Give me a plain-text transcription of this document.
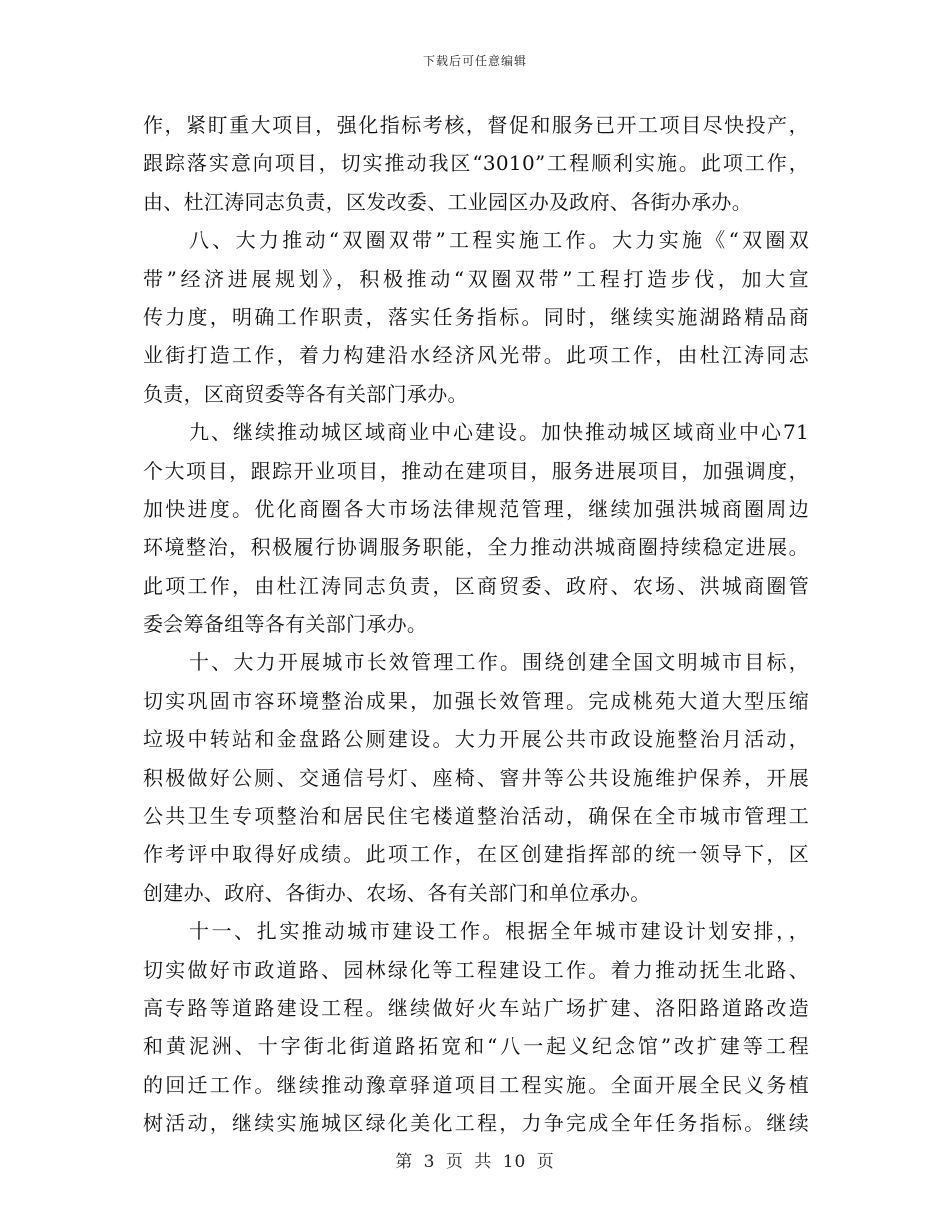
下载后可任意编辑
作，紧盯重大项目，强化指标考核，督促和服务已开工项目尽快投产，
跟踪落实意向项目，切实推动我区“3010”工程顺利实施。此项工作，
由、杜江涛同志负责，区发改委、工业园区办及政府、各街办承办。
八、大力推动“双圈双带”工程实施工作。大力实施《“双圈双
带”经济进展规划》，积极推动“双圈双带”工程打造步伐，加大宣
传力度，明确工作职责，落实任务指标。同时，继续实施湖路精品商
业街打造工作，着力构建沿水经济风光带。此项工作，由杜江涛同志
负责，区商贸委等各有关部门承办。
九、继续推动城区域商业中心建设。加快推动城区域商业中心71
个大项目，跟踪开业项目，推动在建项目，服务进展项目，加强调度，
加快进度。优化商圈各大市场法律规范管理，继续加强洪城商圈周边
环境整治，积极履行协调服务职能，全力推动洪城商圈持续稳定进展。
此项工作，由杜江涛同志负责，区商贸委、政府、农场、洪城商圈管
委会筹备组等各有关部门承办。
十、大力开展城市长效管理工作。围绕创建全国文明城市目标，
切实巩固市容环境整治成果，加强长效管理。完成桃苑大道大型压缩
垃圾中转站和金盘路公厕建设。大力开展公共市政设施整治月活动，
积极做好公厕、交通信号灯、座椅、窨井等公共设施维护保养，开展
公共卫生专项整治和居民住宅楼道整治活动，确保在全市城市管理工
作考评中取得好成绩。此项工作，在区创建指挥部的统一领导下，区
创建办、政府、各街办、农场、各有关部门和单位承办。
十一、扎实推动城市建设工作。根据全年城市建设计划安排，，
切实做好市政道路、园林绿化等工程建设工作。着力推动抚生北路、
高专路等道路建设工程。继续做好火车站广场扩建、洛阳路道路改造
和黄泥洲、十字街北街道路拓宽和“八一起义纪念馆”改扩建等工程
的回迁工作。继续推动豫章驿道项目工程实施。全面开展全民义务植
树活动，继续实施城区绿化美化工程，力争完成全年任务指标。继续
第 3 页 共 10 页
